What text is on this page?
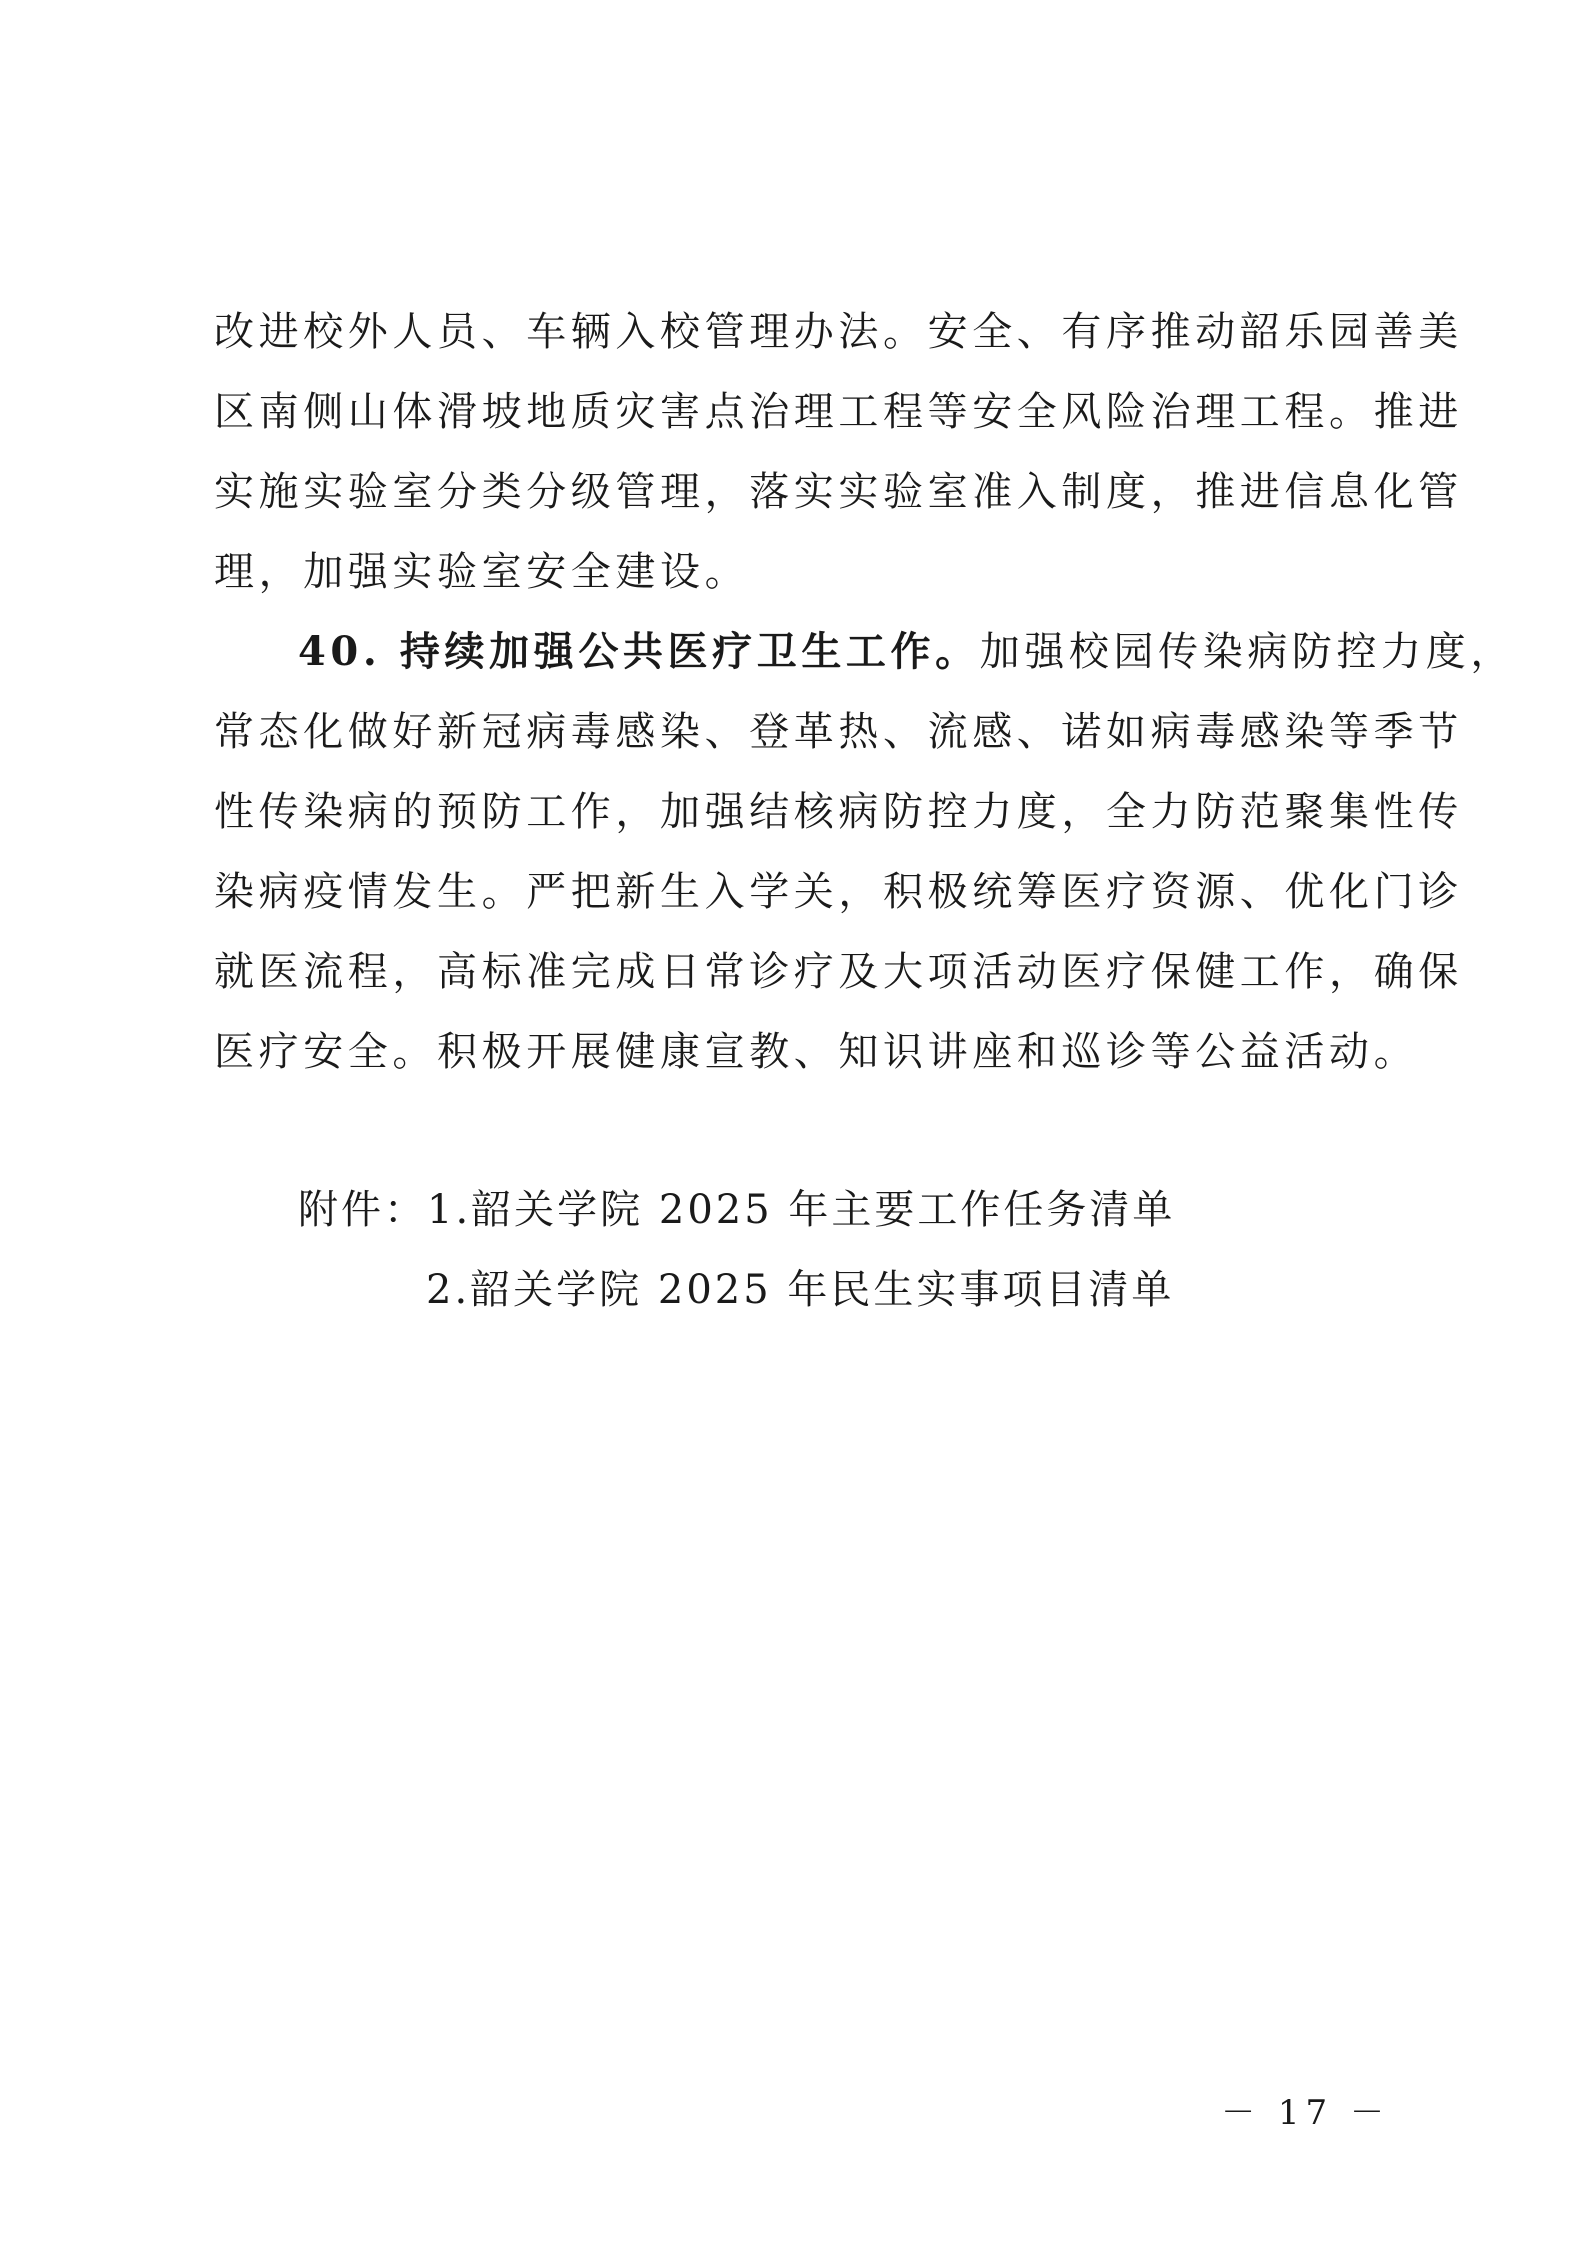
改进校外人员、车辆入校管理办法。安全、有序推动韶乐园善美
区南侧山体滑坡地质灾害点治理工程等安全风险治理工程。推进
实施实验室分类分级管理，落实实验室准入制度，推进信息化管
理，加强实验室安全建设。
40. 持续加强公共医疗卫生工作。加强校园传染病防控力度，
常态化做好新冠病毒感染、登革热、流感、诺如病毒感染等季节
性传染病的预防工作，加强结核病防控力度，全力防范聚集性传
染病疫情发生。严把新生入学关，积极统筹医疗资源、优化门诊
就医流程，高标准完成日常诊疗及大项活动医疗保健工作，确保
医疗安全。积极开展健康宣教、知识讲座和巡诊等公益活动。
附件：1.韶关学院 2025 年主要工作任务清单
2.韶关学院 2025 年民生实事项目清单
－ 17 －
